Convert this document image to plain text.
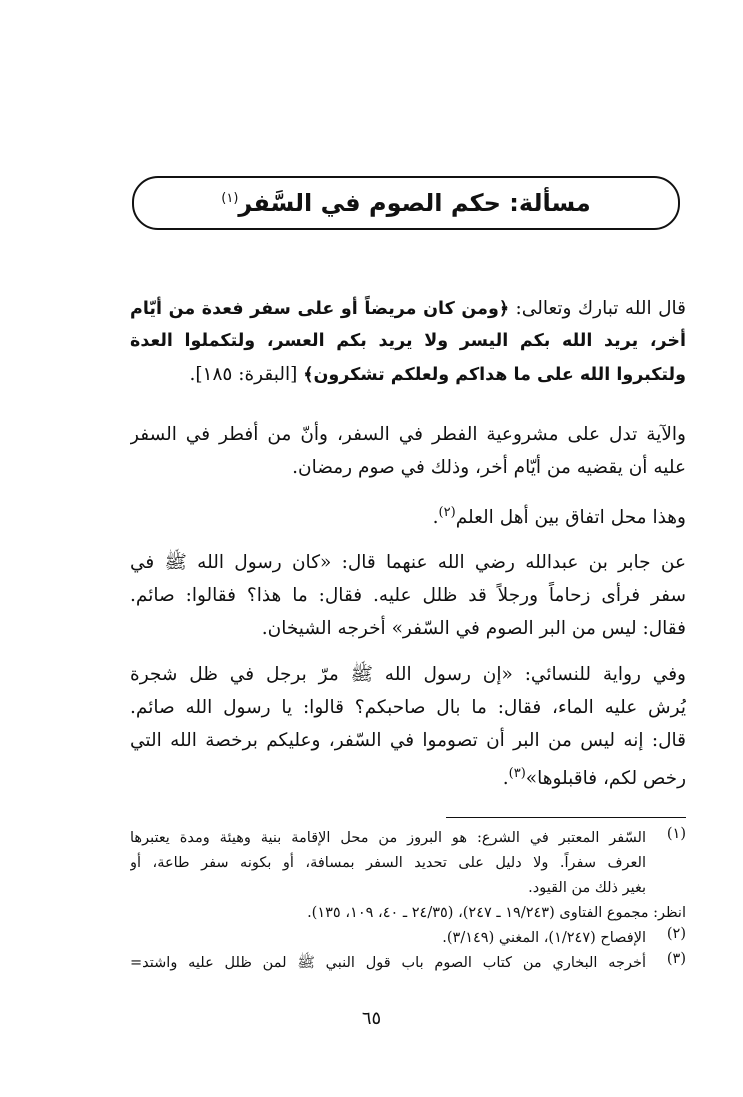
مسألة: حكم الصوم في السَّفر$^{(١)}$
قال الله تبارك وتعالى: ﴿ومن كان مريضاً أو على سفر فعدة من أيّام
أخر، يريد الله بكم اليسر ولا يريد بكم العسر، ولتكملوا العدة
ولتكبروا الله على ما هداكم ولعلكم تشكرون﴾ [البقرة: ١٨٥].
والآية تدل على مشروعية الفطر في السفر، وأنّ من أفطر في السفر
عليه أن يقضيه من أيّام أخر، وذلك في صوم رمضان.
وهذا محل اتفاق بين أهل العلم$^{(٢)}$.
عن جابر بن عبدالله رضي الله عنهما قال: «كان رسول الله ﷺ في
سفر فرأى زحاماً ورجلاً قد ظلل عليه. فقال: ما هذا؟ فقالوا: صائم.
فقال: ليس من البر الصوم في السّفر» أخرجه الشيخان.
وفي رواية للنسائي: «إن رسول الله ﷺ مرّ برجل في ظل شجرة
يُرش عليه الماء، فقال: ما بال صاحبكم؟ قالوا: يا رسول الله صائم.
قال: إنه ليس من البر أن تصوموا في السّفر، وعليكم برخصة الله التي
رخص لكم، فاقبلوها»$^{(٣)}$.
(١)
السّفر المعتبر في الشرع: هو البروز من محل الإقامة بنية وهيئة ومدة يعتبرها
العرف سفراً. ولا دليل على تحديد السفر بمسافة، أو بكونه سفر طاعة، أو
بغير ذلك من القيود.
انظر: مجموع الفتاوى (١٩/٢٤٣ ـ ٢٤٧)، (٢٤/٣٥ ـ ٤٠، ١٠٩، ١٣٥).
(٢)
الإفصاح (١/٢٤٧)، المغني (٣/١٤٩).
(٣)
أخرجه البخاري من كتاب الصوم باب قول النبي ﷺ لمن ظلل عليه واشتد=
٦٥
